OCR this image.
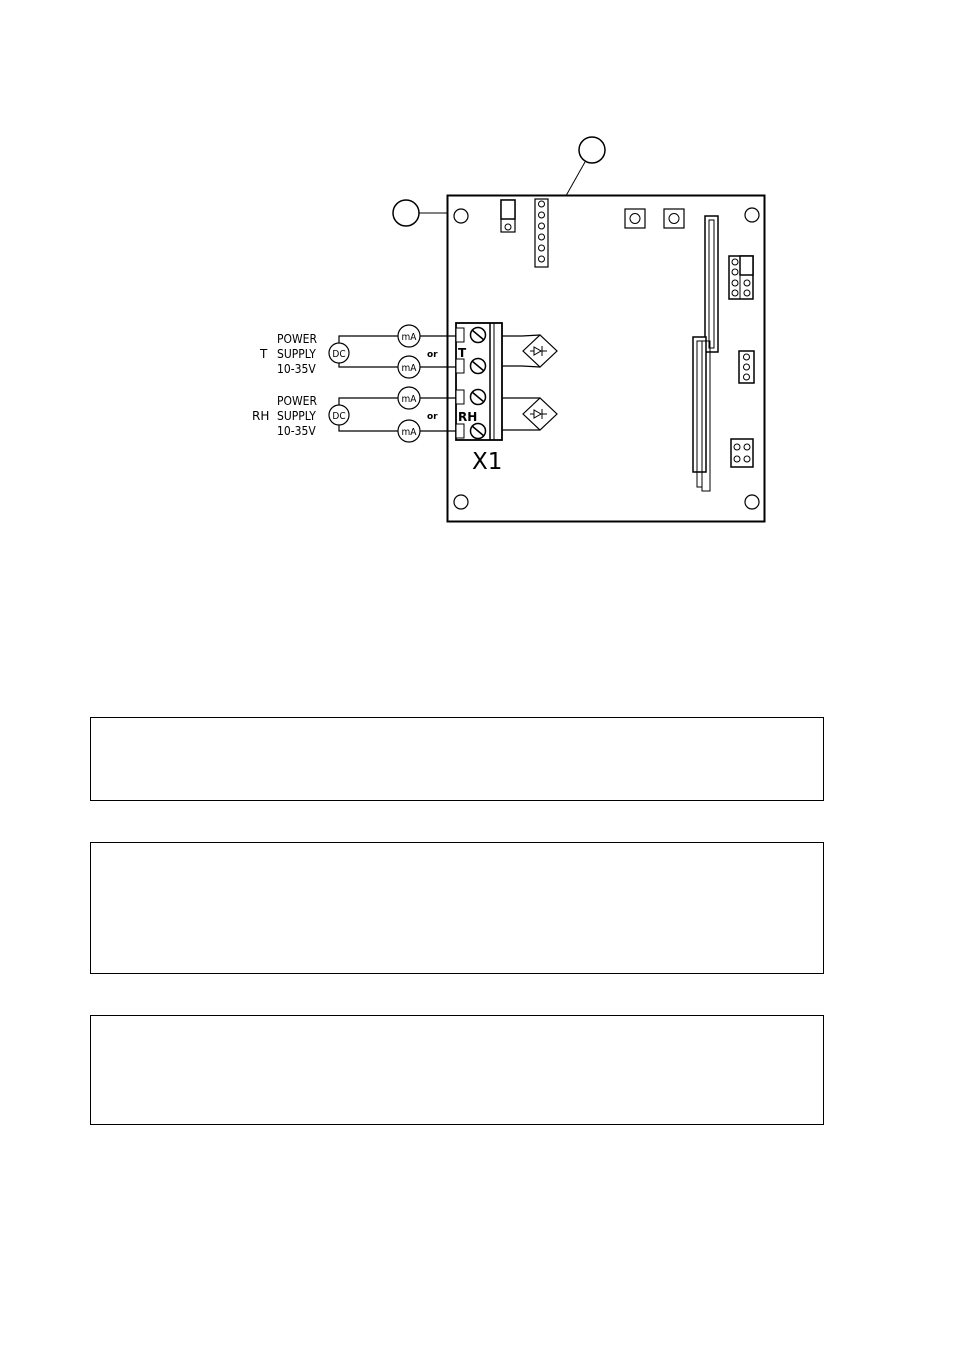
T
RH
X1
DC
mA
mA
or
T
POWER
SUPPLY
10-35V
DC
mA
mA
or
RH
POWER
SUPPLY
10-35V
